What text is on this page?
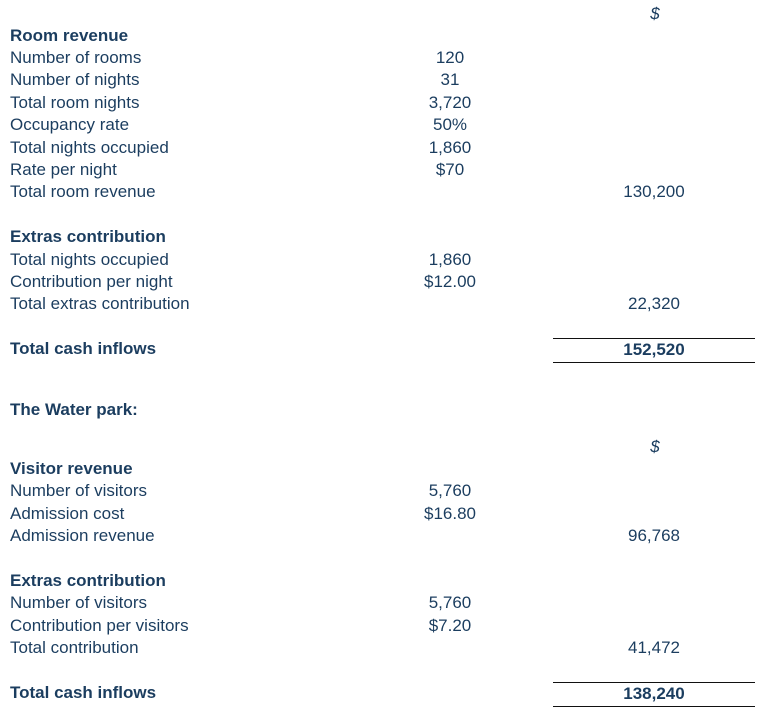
$
Room revenue
Number of rooms	120
Number of nights	31
Total room nights	3,720
Occupancy rate	50%
Total nights occupied	1,860
Rate per night	$70
Total room revenue	130,200
Extras contribution
Total nights occupied	1,860
Contribution per night	$12.00
Total extras contribution	22,320
Total cash inflows	152,520
The Water park:
$
Visitor revenue
Number of visitors	5,760
Admission cost	$16.80
Admission revenue	96,768
Extras contribution
Number of visitors	5,760
Contribution per visitors	$7.20
Total contribution	41,472
Total cash inflows	138,240
